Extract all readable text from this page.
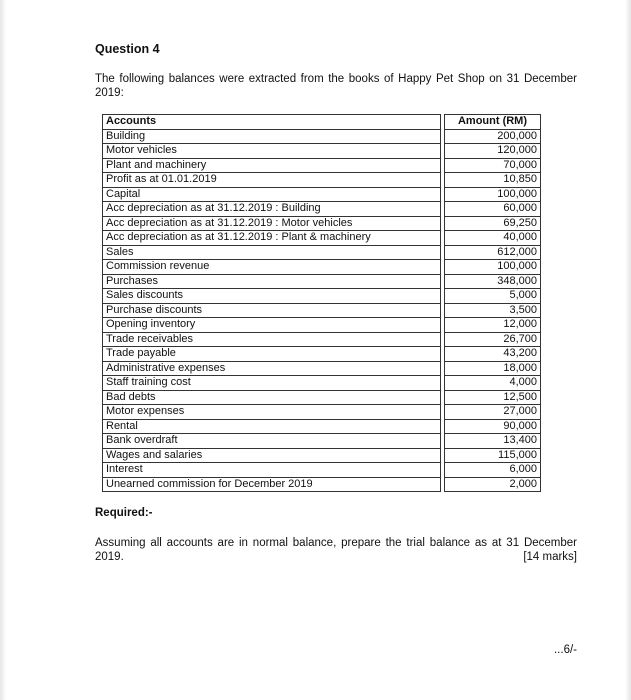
Question 4
The following balances were extracted from the books of Happy Pet Shop on 31 December 2019:
Accounts		Amount (RM)
Building		200,000
Motor vehicles		120,000
Plant and machinery		70,000
Profit as at 01.01.2019		10,850
Capital		100,000
Acc depreciation as at 31.12.2019 : Building		60,000
Acc depreciation as at 31.12.2019 : Motor vehicles		69,250
Acc depreciation as at 31.12.2019 : Plant & machinery		40,000
Sales		612,000
Commission revenue		100,000
Purchases		348,000
Sales discounts		5,000
Purchase discounts		3,500
Opening inventory		12,000
Trade receivables		26,700
Trade payable		43,200
Administrative expenses		18,000
Staff training cost		4,000
Bad debts		12,500
Motor expenses		27,000
Rental		90,000
Bank overdraft		13,400
Wages and salaries		115,000
Interest		6,000
Unearned commission for December 2019		2,000
Required:-
Assuming all accounts are in normal balance, prepare the trial balance as at 31 December 2019.	[14 marks]
...6/-
